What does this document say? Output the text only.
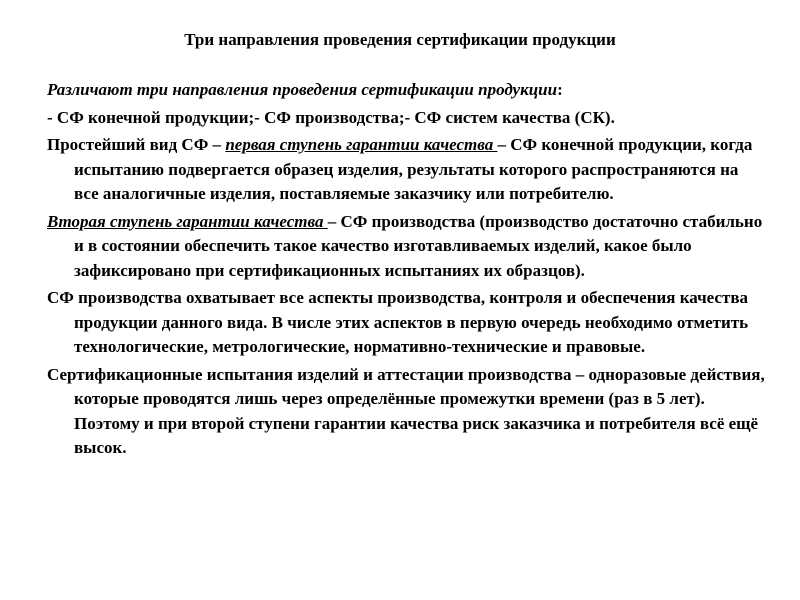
Три направления проведения сертификации продукции

Различают три направления проведения сертификации продукции:

- СФ конечной продукции;- СФ производства;- СФ систем качества (СК).

Простейший вид СФ – первая ступень гарантии качества – СФ конечной продукции, когда испытанию подвергается образец изделия, результаты которого распространяются на все аналогичные изделия, поставляемые заказчику или потребителю.

Вторая ступень гарантии качества – СФ производства (производство достаточно стабильно и в состоянии обеспечить такое качество изготавливаемых изделий, какое было зафиксировано при сертификационных испытаниях их образцов).

СФ производства охватывает все аспекты производства, контроля и обеспечения качества продукции данного вида. В числе этих аспектов в первую очередь необходимо отметить технологические, метрологические, нормативно-технические и правовые.

Сертификационные испытания изделий и аттестации производства – одноразовые действия, которые проводятся лишь через определённые промежутки времени (раз в 5 лет). Поэтому и при второй ступени гарантии качества риск заказчика и потребителя всё ещё высок.
